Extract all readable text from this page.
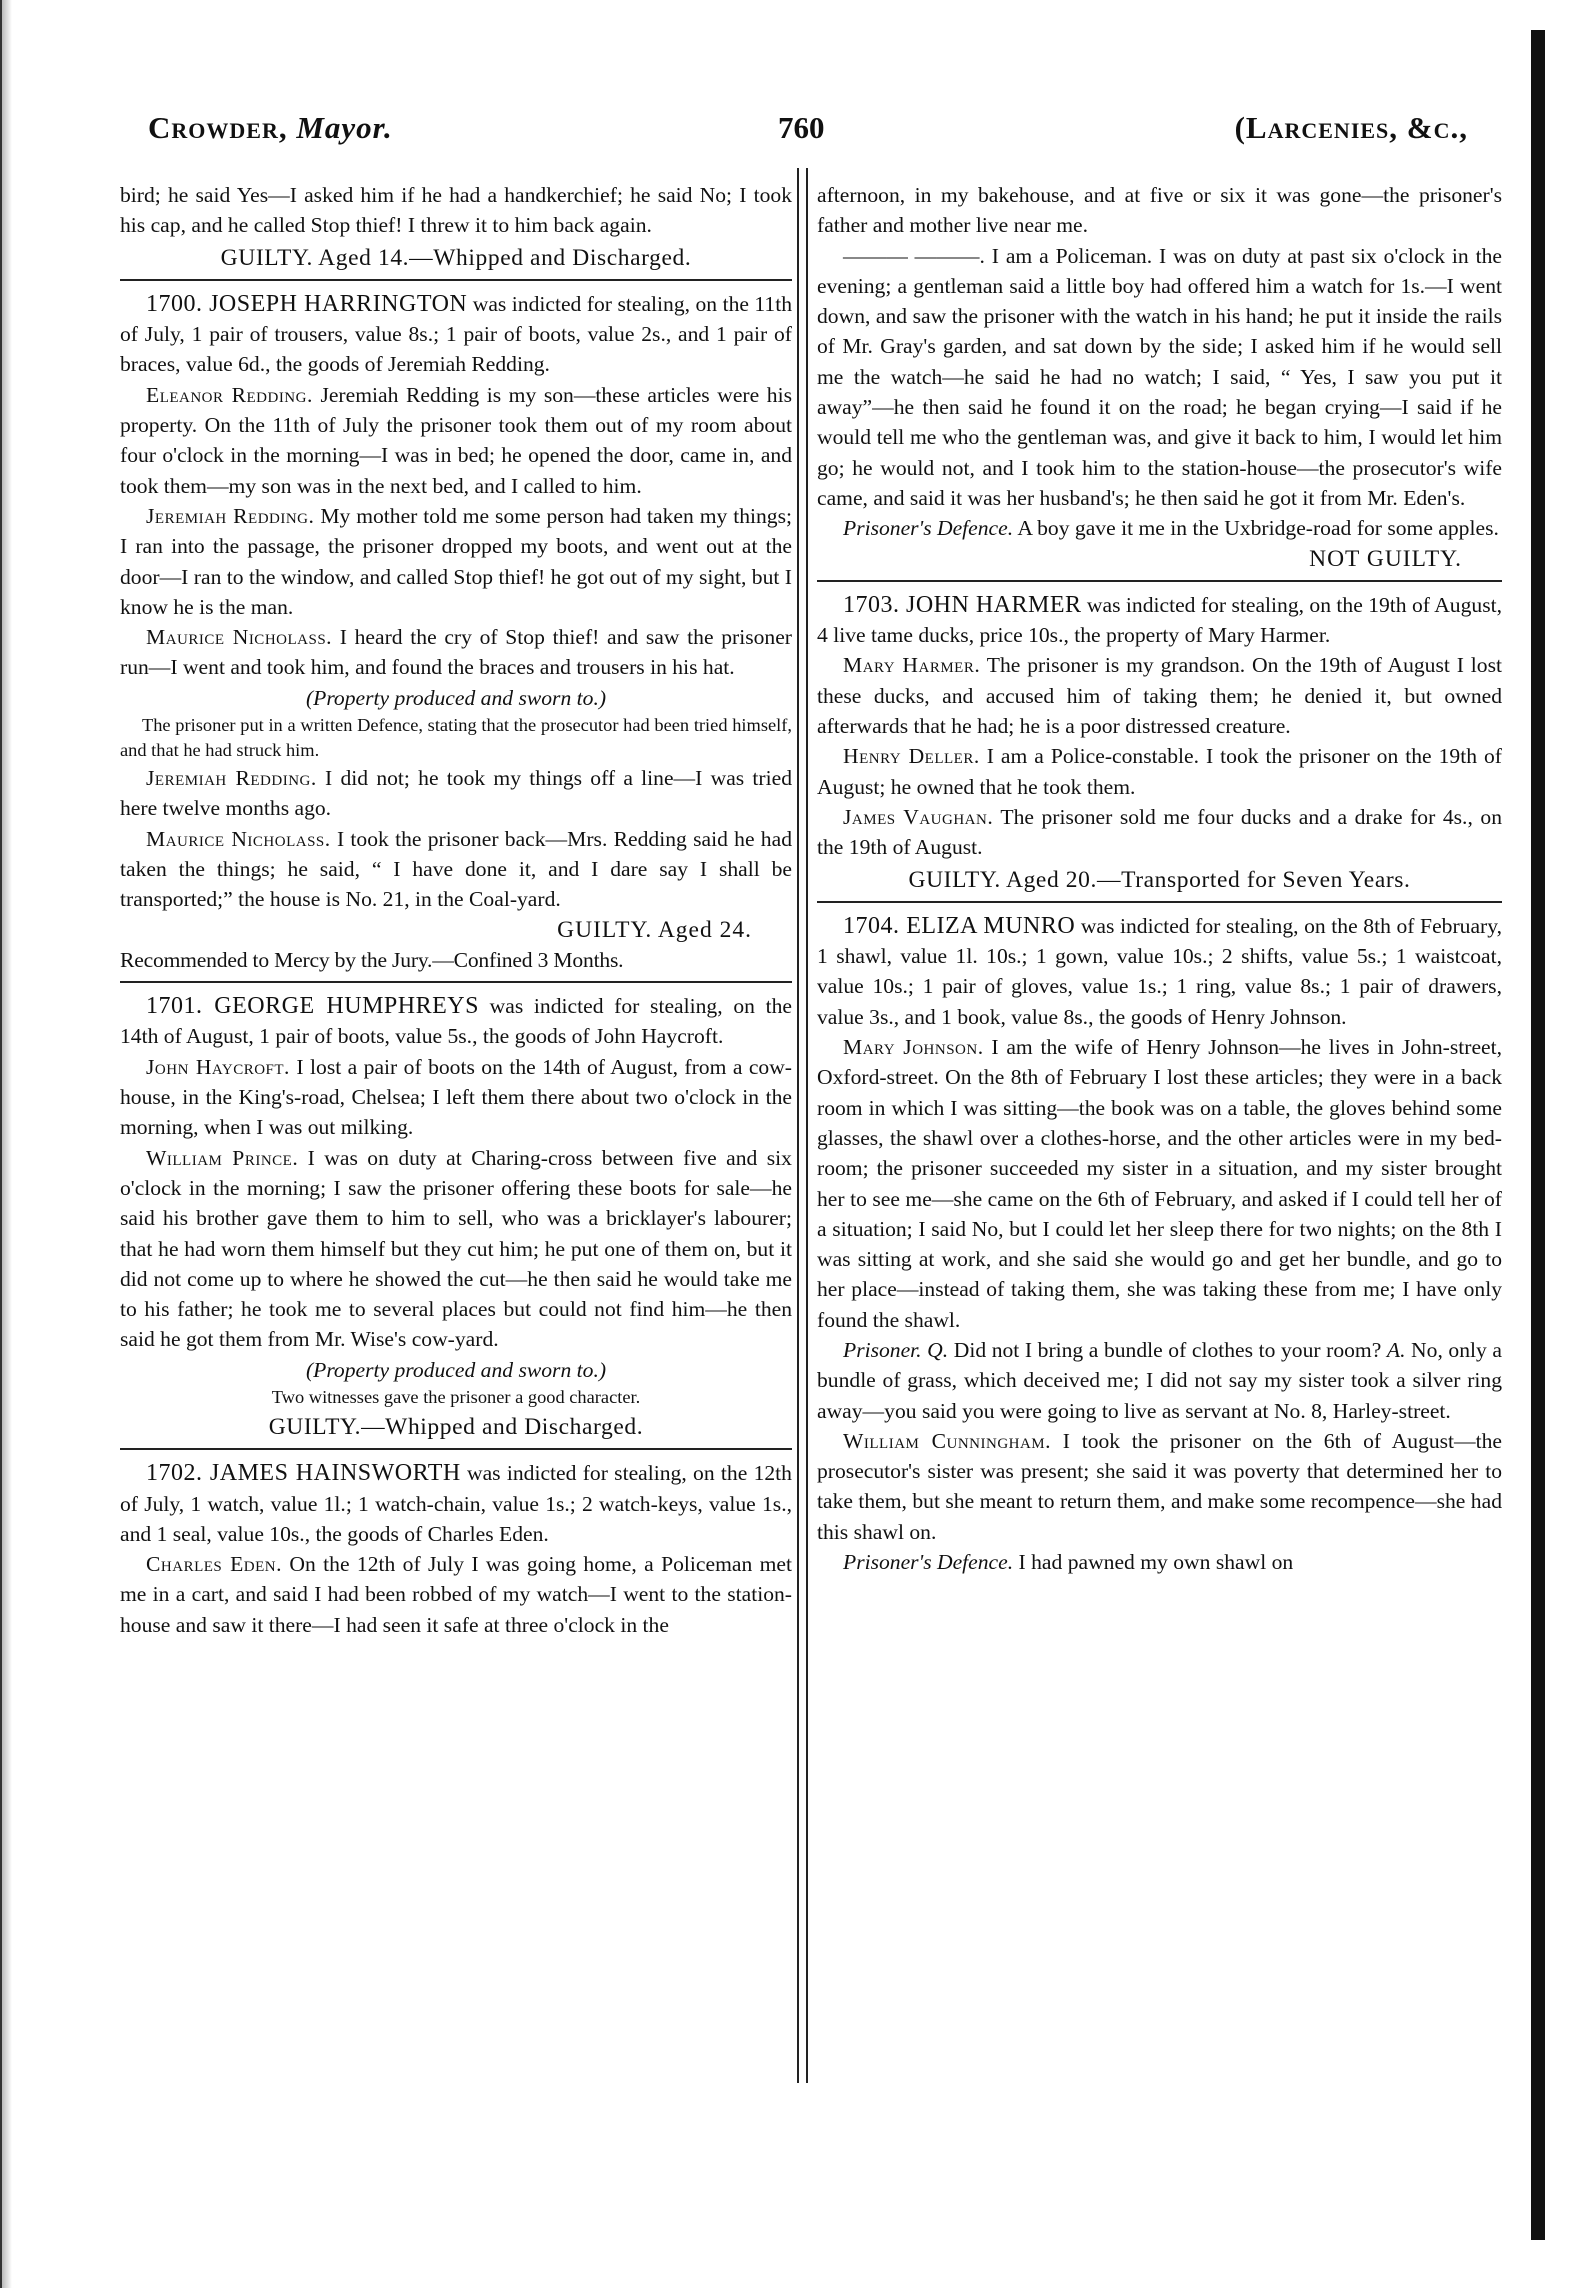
Crowder, Mayor.	760	(Larcenies, &c.,

bird; he said Yes—I asked him if he had a handkerchief; he said No; I took his cap, and he called Stop thief! I threw it to him back again.

GUILTY. Aged 14.—Whipped and Discharged.

1700. JOSEPH HARRINGTON was indicted for stealing, on the 11th of July, 1 pair of trousers, value 8s.; 1 pair of boots, value 2s., and 1 pair of braces, value 6d., the goods of Jeremiah Redding.

Eleanor Redding. Jeremiah Redding is my son—these articles were his property. On the 11th of July the prisoner took them out of my room about four o'clock in the morning—I was in bed; he opened the door, came in, and took them—my son was in the next bed, and I called to him.

Jeremiah Redding. My mother told me some person had taken my things; I ran into the passage, the prisoner dropped my boots, and went out at the door—I ran to the window, and called Stop thief! he got out of my sight, but I know he is the man.

Maurice Nicholass. I heard the cry of Stop thief! and saw the prisoner run—I went and took him, and found the braces and trousers in his hat.

(Property produced and sworn to.)

The prisoner put in a written Defence, stating that the prosecutor had been tried himself, and that he had struck him.

Jeremiah Redding. I did not; he took my things off a line—I was tried here twelve months ago.

Maurice Nicholass. I took the prisoner back—Mrs. Redding said he had taken the things; he said, “ I have done it, and I dare say I shall be transported;” the house is No. 21, in the Coal-yard.

GUILTY. Aged 24.

Recommended to Mercy by the Jury.—Confined 3 Months.

1701. GEORGE HUMPHREYS was indicted for stealing, on the 14th of August, 1 pair of boots, value 5s., the goods of John Haycroft.

John Haycroft. I lost a pair of boots on the 14th of August, from a cow-house, in the King's-road, Chelsea; I left them there about two o'clock in the morning, when I was out milking.

William Prince. I was on duty at Charing-cross between five and six o'clock in the morning; I saw the prisoner offering these boots for sale—he said his brother gave them to him to sell, who was a bricklayer's labourer; that he had worn them himself but they cut him; he put one of them on, but it did not come up to where he showed the cut—he then said he would take me to his father; he took me to several places but could not find him—he then said he got them from Mr. Wise's cow-yard.

(Property produced and sworn to.)

Two witnesses gave the prisoner a good character.

GUILTY.—Whipped and Discharged.

1702. JAMES HAINSWORTH was indicted for stealing, on the 12th of July, 1 watch, value 1l.; 1 watch-chain, value 1s.; 2 watch-keys, value 1s., and 1 seal, value 10s., the goods of Charles Eden.

Charles Eden. On the 12th of July I was going home, a Policeman met me in a cart, and said I had been robbed of my watch—I went to the station-house and saw it there—I had seen it safe at three o'clock in the

afternoon, in my bakehouse, and at five or six it was gone—the prisoner's father and mother live near me.

——— ———. I am a Policeman. I was on duty at past six o'clock in the evening; a gentleman said a little boy had offered him a watch for 1s.—I went down, and saw the prisoner with the watch in his hand; he put it inside the rails of Mr. Gray's garden, and sat down by the side; I asked him if he would sell me the watch—he said he had no watch; I said, “ Yes, I saw you put it away”—he then said he found it on the road; he began crying—I said if he would tell me who the gentleman was, and give it back to him, I would let him go; he would not, and I took him to the station-house—the prosecutor's wife came, and said it was her husband's; he then said he got it from Mr. Eden's.

Prisoner's Defence. A boy gave it me in the Uxbridge-road for some apples.

NOT GUILTY.

1703. JOHN HARMER was indicted for stealing, on the 19th of August, 4 live tame ducks, price 10s., the property of Mary Harmer.

Mary Harmer. The prisoner is my grandson. On the 19th of August I lost these ducks, and accused him of taking them; he denied it, but owned afterwards that he had; he is a poor distressed creature.

Henry Deller. I am a Police-constable. I took the prisoner on the 19th of August; he owned that he took them.

James Vaughan. The prisoner sold me four ducks and a drake for 4s., on the 19th of August.

GUILTY. Aged 20.—Transported for Seven Years.

1704. ELIZA MUNRO was indicted for stealing, on the 8th of February, 1 shawl, value 1l. 10s.; 1 gown, value 10s.; 2 shifts, value 5s.; 1 waistcoat, value 10s.; 1 pair of gloves, value 1s.; 1 ring, value 8s.; 1 pair of drawers, value 3s., and 1 book, value 8s., the goods of Henry Johnson.

Mary Johnson. I am the wife of Henry Johnson—he lives in John-street, Oxford-street. On the 8th of February I lost these articles; they were in a back room in which I was sitting—the book was on a table, the gloves behind some glasses, the shawl over a clothes-horse, and the other articles were in my bed-room; the prisoner succeeded my sister in a situation, and my sister brought her to see me—she came on the 6th of February, and asked if I could tell her of a situation; I said No, but I could let her sleep there for two nights; on the 8th I was sitting at work, and she said she would go and get her bundle, and go to her place—instead of taking them, she was taking these from me; I have only found the shawl.

Prisoner. Q. Did not I bring a bundle of clothes to your room? A. No, only a bundle of grass, which deceived me; I did not say my sister took a silver ring away—you said you were going to live as servant at No. 8, Harley-street.

William Cunningham. I took the prisoner on the 6th of August—the prosecutor's sister was present; she said it was poverty that determined her to take them, but she meant to return them, and make some recompence—she had this shawl on.

Prisoner's Defence. I had pawned my own shawl on
